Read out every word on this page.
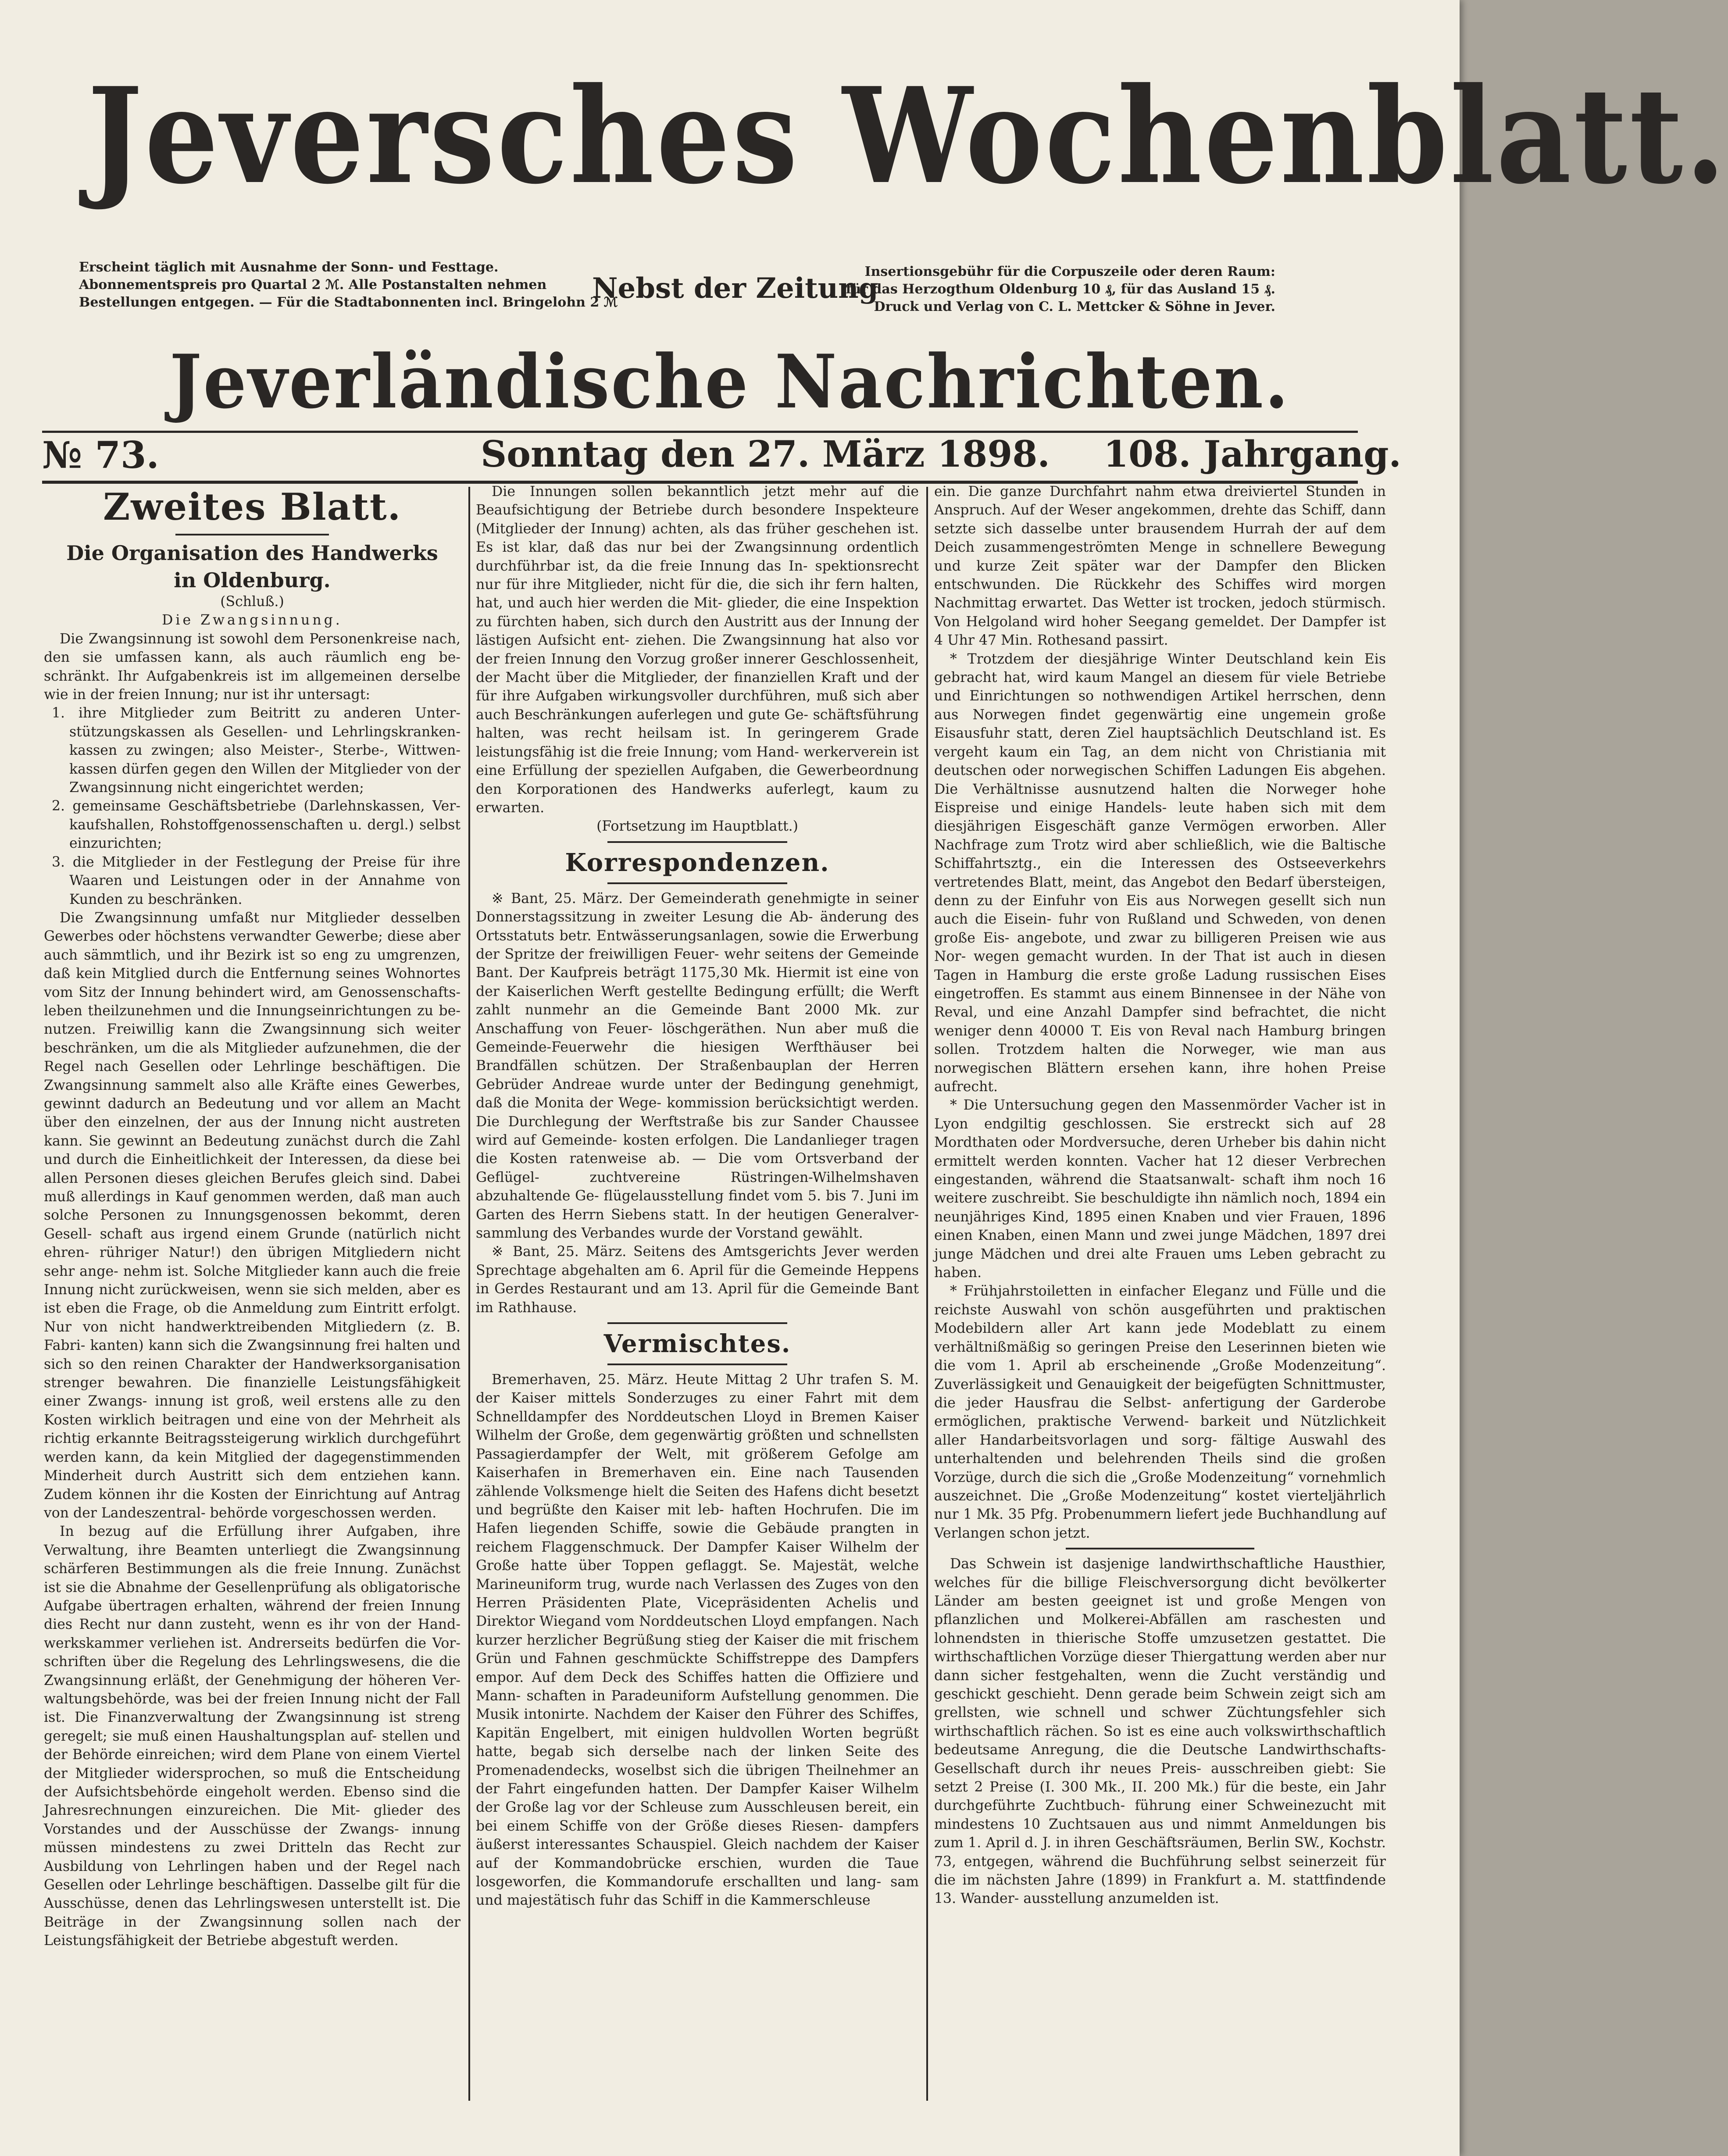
Jeversches Wochenblatt.
Erscheint täglich mit Ausnahme der Sonn- und Festtage.
Abonnementspreis pro Quartal 2 ℳ. Alle Postanstalten nehmen
Bestellungen entgegen. — Für die Stadtabonnenten incl. Bringelohn 2 ℳ
Nebst der Zeitung
Insertionsgebühr für die Corpuszeile oder deren Raum:
für das Herzogthum Oldenburg 10 ₰, für das Ausland 15 ₰.
Druck und Verlag von C. L. Mettcker & Söhne in Jever.
Jeverländische Nachrichten.
№ 73.	Sonntag den 27. März 1898. 108. Jahrgang.
Zweites Blatt.
Die Organisation des Handwerks
in Oldenburg.

(Schluß.)

Die Zwangsinnung.

Die Zwangsinnung ist sowohl dem Personenkreise nach, den sie umfassen kann, als auch räumlich eng be- schränkt. Ihr Aufgabenkreis ist im allgemeinen derselbe wie in der freien Innung; nur ist ihr untersagt:

1. ihre Mitglieder zum Beitritt zu anderen Unter- stützungskassen als Gesellen- und Lehrlingskranken- kassen zu zwingen; also Meister-, Sterbe-, Wittwen- kassen dürfen gegen den Willen der Mitglieder von der Zwangsinnung nicht eingerichtet werden;
2. gemeinsame Geschäftsbetriebe (Darlehnskassen, Ver- kaufshallen, Rohstoffgenossenschaften u. dergl.) selbst einzurichten;
3. die Mitglieder in der Festlegung der Preise für ihre Waaren und Leistungen oder in der Annahme von Kunden zu beschränken.

Die Zwangsinnung umfaßt nur Mitglieder desselben Gewerbes oder höchstens verwandter Gewerbe; diese aber auch sämmtlich, und ihr Bezirk ist so eng zu umgrenzen, daß kein Mitglied durch die Entfernung seines Wohnortes vom Sitz der Innung behindert wird, am Genossenschafts- leben theilzunehmen und die Innungseinrichtungen zu be- nutzen. Freiwillig kann die Zwangsinnung sich weiter beschränken, um die als Mitglieder aufzunehmen, die der Regel nach Gesellen oder Lehrlinge beschäftigen. Die Zwangsinnung sammelt also alle Kräfte eines Gewerbes, gewinnt dadurch an Bedeutung und vor allem an Macht über den einzelnen, der aus der Innung nicht austreten kann. Sie gewinnt an Bedeutung zunächst durch die Zahl und durch die Einheitlichkeit der Interessen, da diese bei allen Personen dieses gleichen Berufes gleich sind. Dabei muß allerdings in Kauf genommen werden, daß man auch solche Personen zu Innungsgenossen bekommt, deren Gesell- schaft aus irgend einem Grunde (natürlich nicht ehren- rühriger Natur!) den übrigen Mitgliedern nicht sehr ange- nehm ist. Solche Mitglieder kann auch die freie Innung nicht zurückweisen, wenn sie sich melden, aber es ist eben die Frage, ob die Anmeldung zum Eintritt erfolgt. Nur von nicht handwerktreibenden Mitgliedern (z. B. Fabri- kanten) kann sich die Zwangsinnung frei halten und sich so den reinen Charakter der Handwerksorganisation strenger bewahren. Die finanzielle Leistungsfähigkeit einer Zwangs- innung ist groß, weil erstens alle zu den Kosten wirklich beitragen und eine von der Mehrheit als richtig erkannte Beitragssteigerung wirklich durchgeführt werden kann, da kein Mitglied der dagegenstimmenden Minderheit durch Austritt sich dem entziehen kann. Zudem können ihr die Kosten der Einrichtung auf Antrag von der Landeszentral- behörde vorgeschossen werden.

In bezug auf die Erfüllung ihrer Aufgaben, ihre Verwaltung, ihre Beamten unterliegt die Zwangsinnung schärferen Bestimmungen als die freie Innung. Zunächst ist sie die Abnahme der Gesellenprüfung als obligatorische Aufgabe übertragen erhalten, während der freien Innung dies Recht nur dann zusteht, wenn es ihr von der Hand- werkskammer verliehen ist. Andrerseits bedürfen die Vor- schriften über die Regelung des Lehrlingswesens, die die Zwangsinnung erläßt, der Genehmigung der höheren Ver- waltungsbehörde, was bei der freien Innung nicht der Fall ist. Die Finanzverwaltung der Zwangsinnung ist streng geregelt; sie muß einen Haushaltungsplan auf- stellen und der Behörde einreichen; wird dem Plane von einem Viertel der Mitglieder widersprochen, so muß die Entscheidung der Aufsichtsbehörde eingeholt werden. Ebenso sind die Jahresrechnungen einzureichen. Die Mit- glieder des Vorstandes und der Ausschüsse der Zwangs- innung müssen mindestens zu zwei Dritteln das Recht zur Ausbildung von Lehrlingen haben und der Regel nach Gesellen oder Lehrlinge beschäftigen. Dasselbe gilt für die Ausschüsse, denen das Lehrlingswesen unterstellt ist. Die Beiträge in der Zwangsinnung sollen nach der Leistungsfähigkeit der Betriebe abgestuft werden.

Die Innungen sollen bekanntlich jetzt mehr auf die Beaufsichtigung der Betriebe durch besondere Inspekteure (Mitglieder der Innung) achten, als das früher geschehen ist. Es ist klar, daß das nur bei der Zwangsinnung ordentlich durchführbar ist, da die freie Innung das In- spektionsrecht nur für ihre Mitglieder, nicht für die, die sich ihr fern halten, hat, und auch hier werden die Mit- glieder, die eine Inspektion zu fürchten haben, sich durch den Austritt aus der Innung der lästigen Aufsicht ent- ziehen. Die Zwangsinnung hat also vor der freien Innung den Vorzug großer innerer Geschlossenheit, der Macht über die Mitglieder, der finanziellen Kraft und der für ihre Aufgaben wirkungsvoller durchführen, muß sich aber auch Beschränkungen auferlegen und gute Ge- schäftsführung halten, was recht heilsam ist. In geringerem Grade leistungsfähig ist die freie Innung; vom Hand- werkerverein ist eine Erfüllung der speziellen Aufgaben, die Gewerbeordnung den Korporationen des Handwerks auferlegt, kaum zu erwarten.

(Fortsetzung im Hauptblatt.)

Korrespondenzen.

※ Bant, 25. März. Der Gemeinderath genehmigte in seiner Donnerstagssitzung in zweiter Lesung die Ab- änderung des Ortsstatuts betr. Entwässerungsanlagen, sowie die Erwerbung der Spritze der freiwilligen Feuer- wehr seitens der Gemeinde Bant. Der Kaufpreis beträgt 1175,30 Mk. Hiermit ist eine von der Kaiserlichen Werft gestellte Bedingung erfüllt; die Werft zahlt nunmehr an die Gemeinde Bant 2000 Mk. zur Anschaffung von Feuer- löschgeräthen. Nun aber muß die Gemeinde-Feuerwehr die hiesigen Werfthäuser bei Brandfällen schützen. Der Straßenbauplan der Herren Gebrüder Andreae wurde unter der Bedingung genehmigt, daß die Monita der Wege- kommission berücksichtigt werden. Die Durchlegung der Werftstraße bis zur Sander Chaussee wird auf Gemeinde- kosten erfolgen. Die Landanlieger tragen die Kosten ratenweise ab. — Die vom Ortsverband der Geflügel- zuchtvereine Rüstringen-Wilhelmshaven abzuhaltende Ge- flügelausstellung findet vom 5. bis 7. Juni im Garten des Herrn Siebens statt. In der heutigen Generalver- sammlung des Verbandes wurde der Vorstand gewählt.

※ Bant, 25. März. Seitens des Amtsgerichts Jever werden Sprechtage abgehalten am 6. April für die Gemeinde Heppens in Gerdes Restaurant und am 13. April für die Gemeinde Bant im Rathhause.

Vermischtes.

Bremerhaven, 25. März. Heute Mittag 2 Uhr trafen S. M. der Kaiser mittels Sonderzuges zu einer Fahrt mit dem Schnelldampfer des Norddeutschen Lloyd in Bremen Kaiser Wilhelm der Große, dem gegenwärtig größten und schnellsten Passagierdampfer der Welt, mit größerem Gefolge am Kaiserhafen in Bremerhaven ein. Eine nach Tausenden zählende Volksmenge hielt die Seiten des Hafens dicht besetzt und begrüßte den Kaiser mit leb- haften Hochrufen. Die im Hafen liegenden Schiffe, sowie die Gebäude prangten in reichem Flaggenschmuck. Der Dampfer Kaiser Wilhelm der Große hatte über Toppen geflaggt. Se. Majestät, welche Marineuniform trug, wurde nach Verlassen des Zuges von den Herren Präsidenten Plate, Vicepräsidenten Achelis und Direktor Wiegand vom Norddeutschen Lloyd empfangen. Nach kurzer herzlicher Begrüßung stieg der Kaiser die mit frischem Grün und Fahnen geschmückte Schiffstreppe des Dampfers empor. Auf dem Deck des Schiffes hatten die Offiziere und Mann- schaften in Paradeuniform Aufstellung genommen. Die Musik intonirte. Nachdem der Kaiser den Führer des Schiffes, Kapitän Engelbert, mit einigen huldvollen Worten begrüßt hatte, begab sich derselbe nach der linken Seite des Promenadendecks, woselbst sich die übrigen Theilnehmer an der Fahrt eingefunden hatten. Der Dampfer Kaiser Wilhelm der Große lag vor der Schleuse zum Ausschleusen bereit, ein bei einem Schiffe von der Größe dieses Riesen- dampfers äußerst interessantes Schauspiel. Gleich nachdem der Kaiser auf der Kommandobrücke erschien, wurden die Taue losgeworfen, die Kommandorufe erschallten und lang- sam und majestätisch fuhr das Schiff in die Kammerschleuse

ein. Die ganze Durchfahrt nahm etwa dreiviertel Stunden in Anspruch. Auf der Weser angekommen, drehte das Schiff, dann setzte sich dasselbe unter brausendem Hurrah der auf dem Deich zusammengeströmten Menge in schnellere Bewegung und kurze Zeit später war der Dampfer den Blicken entschwunden. Die Rückkehr des Schiffes wird morgen Nachmittag erwartet. Das Wetter ist trocken, jedoch stürmisch. Von Helgoland wird hoher Seegang gemeldet. Der Dampfer ist 4 Uhr 47 Min. Rothesand passirt.

* Trotzdem der diesjährige Winter Deutschland kein Eis gebracht hat, wird kaum Mangel an diesem für viele Betriebe und Einrichtungen so nothwendigen Artikel herrschen, denn aus Norwegen findet gegenwärtig eine ungemein große Eisausfuhr statt, deren Ziel hauptsächlich Deutschland ist. Es vergeht kaum ein Tag, an dem nicht von Christiania mit deutschen oder norwegischen Schiffen Ladungen Eis abgehen. Die Verhältnisse ausnutzend halten die Norweger hohe Eispreise und einige Handels- leute haben sich mit dem diesjährigen Eisgeschäft ganze Vermögen erworben. Aller Nachfrage zum Trotz wird aber schließlich, wie die Baltische Schiffahrtsztg., ein die Interessen des Ostseeverkehrs vertretendes Blatt, meint, das Angebot den Bedarf übersteigen, denn zu der Einfuhr von Eis aus Norwegen gesellt sich nun auch die Eisein- fuhr von Rußland und Schweden, von denen große Eis- angebote, und zwar zu billigeren Preisen wie aus Nor- wegen gemacht wurden. In der That ist auch in diesen Tagen in Hamburg die erste große Ladung russischen Eises eingetroffen. Es stammt aus einem Binnensee in der Nähe von Reval, und eine Anzahl Dampfer sind befrachtet, die nicht weniger denn 40000 T. Eis von Reval nach Hamburg bringen sollen. Trotzdem halten die Norweger, wie man aus norwegischen Blättern ersehen kann, ihre hohen Preise aufrecht.

* Die Untersuchung gegen den Massenmörder Vacher ist in Lyon endgiltig geschlossen. Sie erstreckt sich auf 28 Mordthaten oder Mordversuche, deren Urheber bis dahin nicht ermittelt werden konnten. Vacher hat 12 dieser Verbrechen eingestanden, während die Staatsanwalt- schaft ihm noch 16 weitere zuschreibt. Sie beschuldigte ihn nämlich noch, 1894 ein neunjähriges Kind, 1895 einen Knaben und vier Frauen, 1896 einen Knaben, einen Mann und zwei junge Mädchen, 1897 drei junge Mädchen und drei alte Frauen ums Leben gebracht zu haben.

* Frühjahrstoiletten in einfacher Eleganz und Fülle und die reichste Auswahl von schön ausgeführten und praktischen Modebildern aller Art kann jede Modeblatt zu einem verhältnißmäßig so geringen Preise den Leserinnen bieten wie die vom 1. April ab erscheinende „Große Modenzeitung“. Zuverlässigkeit und Genauigkeit der beigefügten Schnittmuster, die jeder Hausfrau die Selbst- anfertigung der Garderobe ermöglichen, praktische Verwend- barkeit und Nützlichkeit aller Handarbeitsvorlagen und sorg- fältige Auswahl des unterhaltenden und belehrenden Theils sind die großen Vorzüge, durch die sich die „Große Modenzeitung“ vornehmlich auszeichnet. Die „Große Modenzeitung“ kostet vierteljährlich nur 1 Mk. 35 Pfg. Probenummern liefert jede Buchhandlung auf Verlangen schon jetzt.

Das Schwein ist dasjenige landwirthschaftliche Hausthier, welches für die billige Fleischversorgung dicht bevölkerter Länder am besten geeignet ist und große Mengen von pflanzlichen und Molkerei-Abfällen am raschesten und lohnendsten in thierische Stoffe umzusetzen gestattet. Die wirthschaftlichen Vorzüge dieser Thiergattung werden aber nur dann sicher festgehalten, wenn die Zucht verständig und geschickt geschieht. Denn gerade beim Schwein zeigt sich am grellsten, wie schnell und schwer Züchtungsfehler sich wirthschaftlich rächen. So ist es eine auch volkswirthschaftlich bedeutsame Anregung, die die Deutsche Landwirthschafts-Gesellschaft durch ihr neues Preis- ausschreiben giebt: Sie setzt 2 Preise (I. 300 Mk., II. 200 Mk.) für die beste, ein Jahr durchgeführte Zuchtbuch- führung einer Schweinezucht mit mindestens 10 Zuchtsauen aus und nimmt Anmeldungen bis zum 1. April d. J. in ihren Geschäftsräumen, Berlin SW., Kochstr. 73, entgegen, während die Buchführung selbst seinerzeit für die im nächsten Jahre (1899) in Frankfurt a. M. stattfindende 13. Wander- ausstellung anzumelden ist.
